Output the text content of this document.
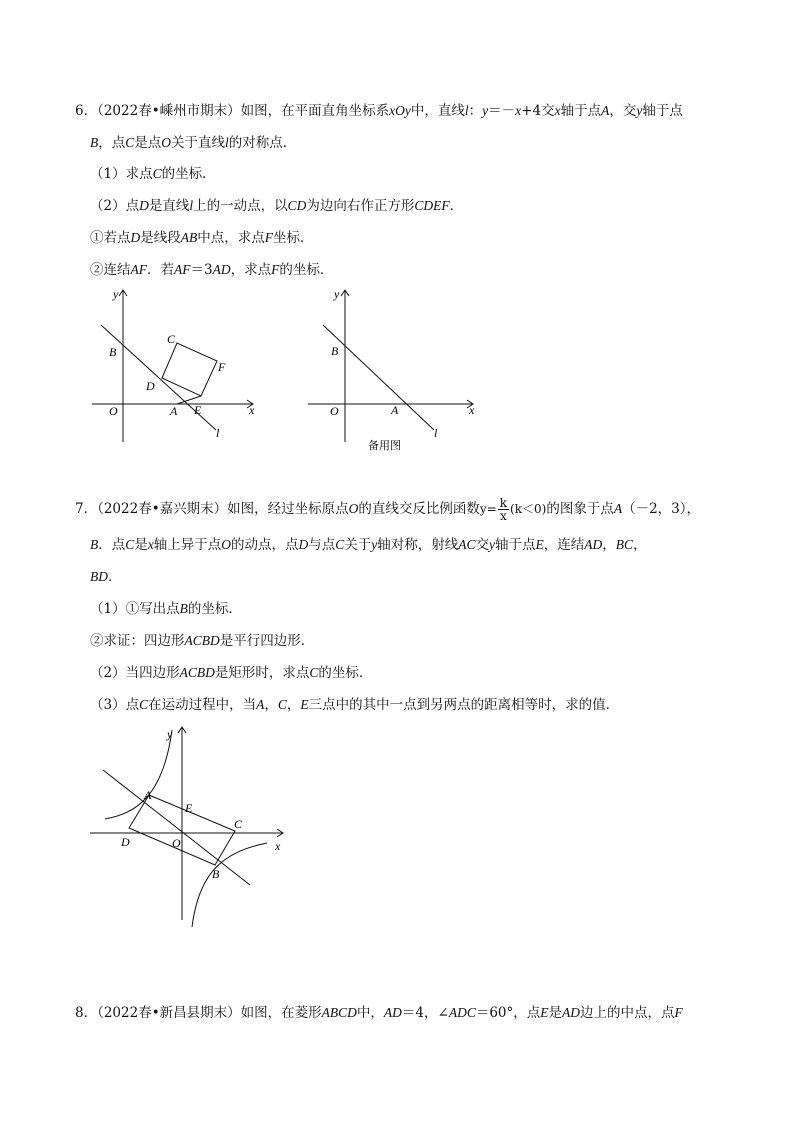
6．（2022春•嵊州市期末）如图，在平面直角坐标系xOy中，直线l：y＝－x+4交x轴于点A，交y轴于点
B，点C是点O关于直线l的对称点．
（1）求点C的坐标．
（2）点D是直线l上的一动点，以CD为边向右作正方形CDEF．
①若点D是线段AB中点，求点F坐标．
②连结AF．若AF＝3AD，求点F的坐标．
y
x
O	A
B
C
D
E
F
l
y
x
O	A
B
l
备用图
7．（2022春•嘉兴期末）如图，经过坐标原点O的直线交反比例函数$y= \frac{k}{x} (k<0)$的图象于点A（－2，3），
B．点C是x轴上异于点O的动点，点D与点C关于y轴对称，射线AC交y轴于点E，连结AD，BC，
BD．
（1）①写出点B的坐标．
②求证：四边形ACBD是平行四边形．
（2）当四边形ACBD是矩形时，求点C的坐标．
（3）点C在运动过程中，当A，C，E三点中的其中一点到另两点的距离相等时，求的值．
y
x
O
A
B
C
D
E
8．（2022春•新昌县期末）如图，在菱形ABCD中，AD＝4，∠ADC＝60°，点E是AD边上的中点，点F
